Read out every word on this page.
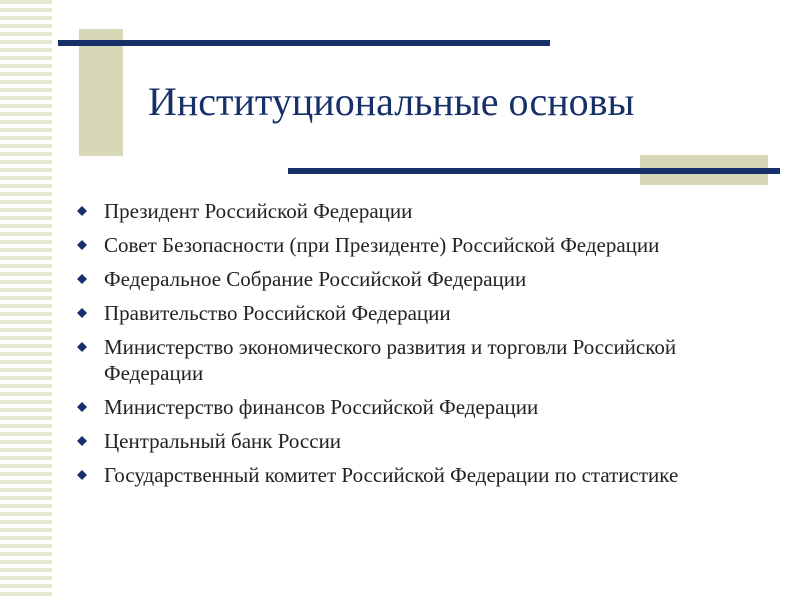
Институциональные основы
Президент Российской Федерации
Совет Безопасности (при Президенте) Российской Федерации
Федеральное Собрание Российской Федерации
Правительство Российской Федерации
Министерство экономического развития и торговли Российской Федерации
Министерство финансов Российской Федерации
Центральный банк России
Государственный комитет Российской Федерации по статистике
